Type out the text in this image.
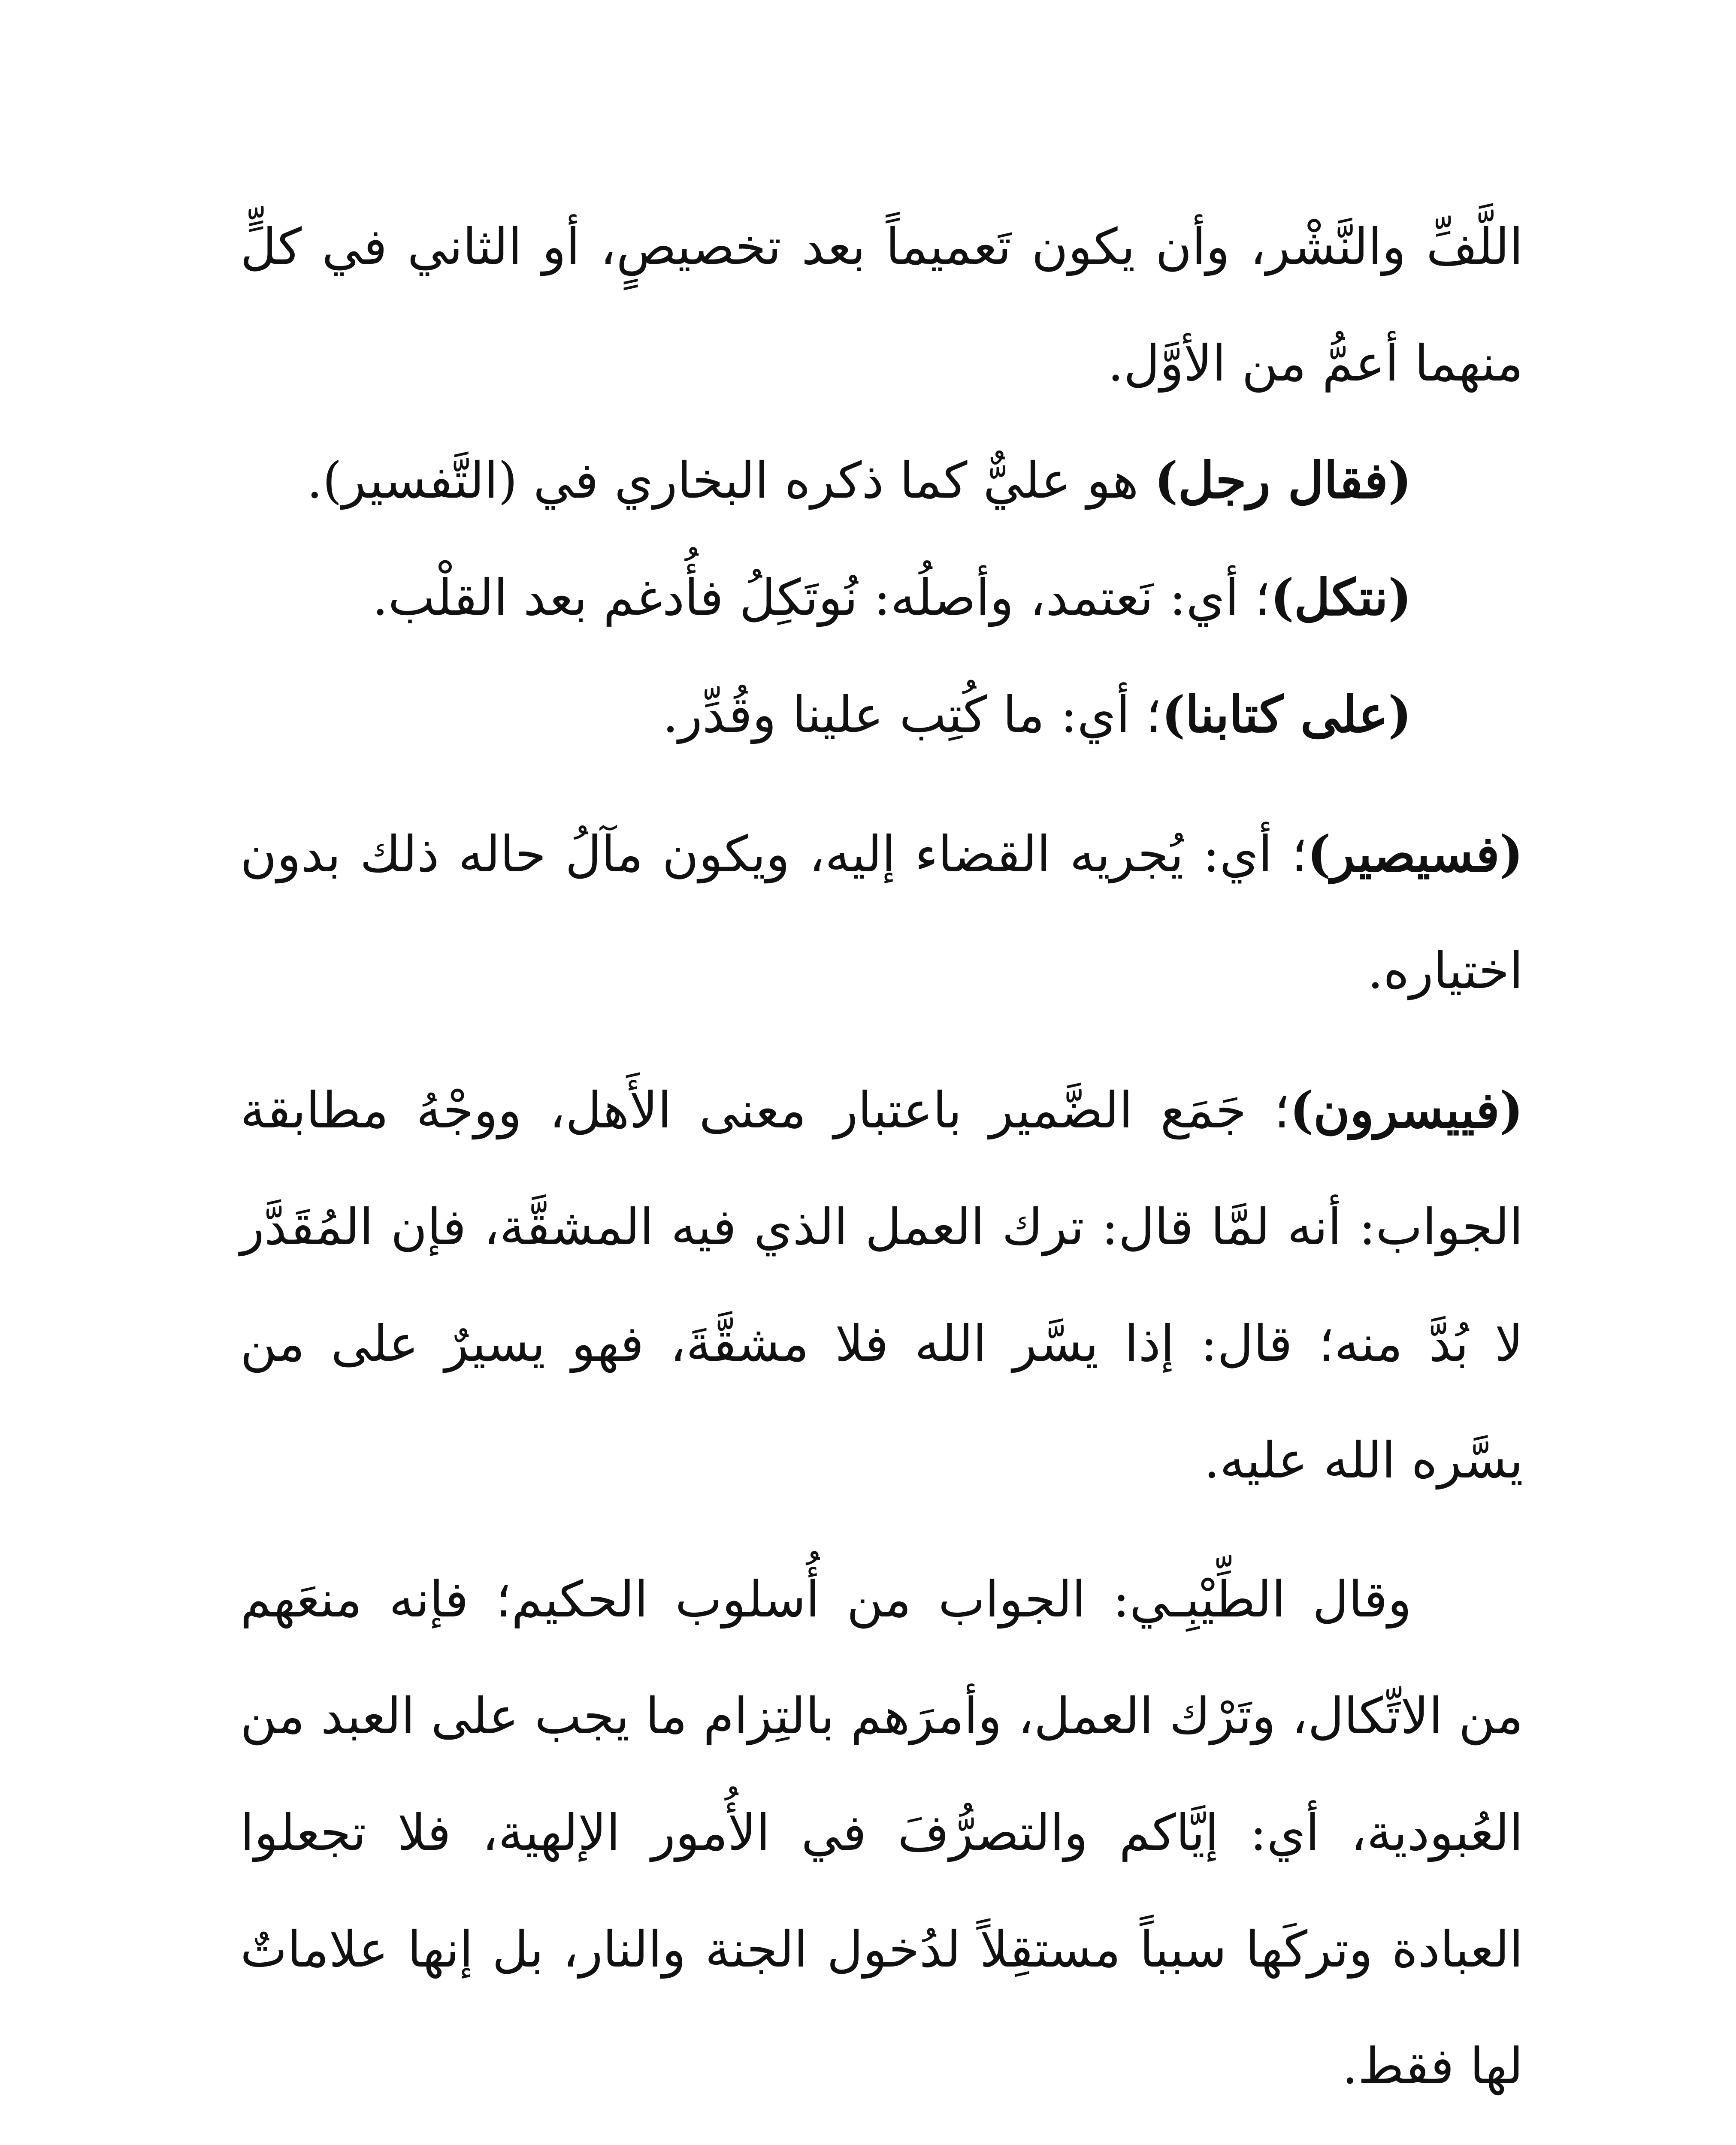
اللَّفِّ والنَّشْر، وأن يكون تَعميماً بعد تخصيصٍ، أو الثاني في كلٍّ منهما أعمُّ من الأوَّل.

(فقال رجل) هو عليٌّ كما ذكره البخاري في (التَّفسير).

(نتكل)؛ أي: نَعتمد، وأصلُه: نُوتَكِلُ فأُدغم بعد القلْب.

(على كتابنا)؛ أي: ما كُتِب علينا وقُدِّر.

(فسيصير)؛ أي: يُجريه القضاء إليه، ويكون مآلُ حاله ذلك بدون اختياره.

(فييسرون)؛ جَمَع الضَّمير باعتبار معنى الأَهل، ووجْهُ مطابقة الجواب: أنه لمَّا قال: ترك العمل الذي فيه المشقَّة، فإن المُقَدَّر لا بُدَّ منه؛ قال: إذا يسَّر الله فلا مشقَّةَ، فهو يسيرٌ على من يسَّره الله عليه.

وقال الطِّيْبِـي: الجواب من أُسلوب الحكيم؛ فإنه منعَهم من الاتِّكال، وتَرْك العمل، وأمرَهم بالتِزام ما يجب على العبد من العُبودية، أي: إيَّاكم والتصرُّفَ في الأُمور الإلهية، فلا تجعلوا العبادة وتركَها سبباً مستقِلاً لدُخول الجنة والنار، بل إنها علاماتٌ لها فقط.
